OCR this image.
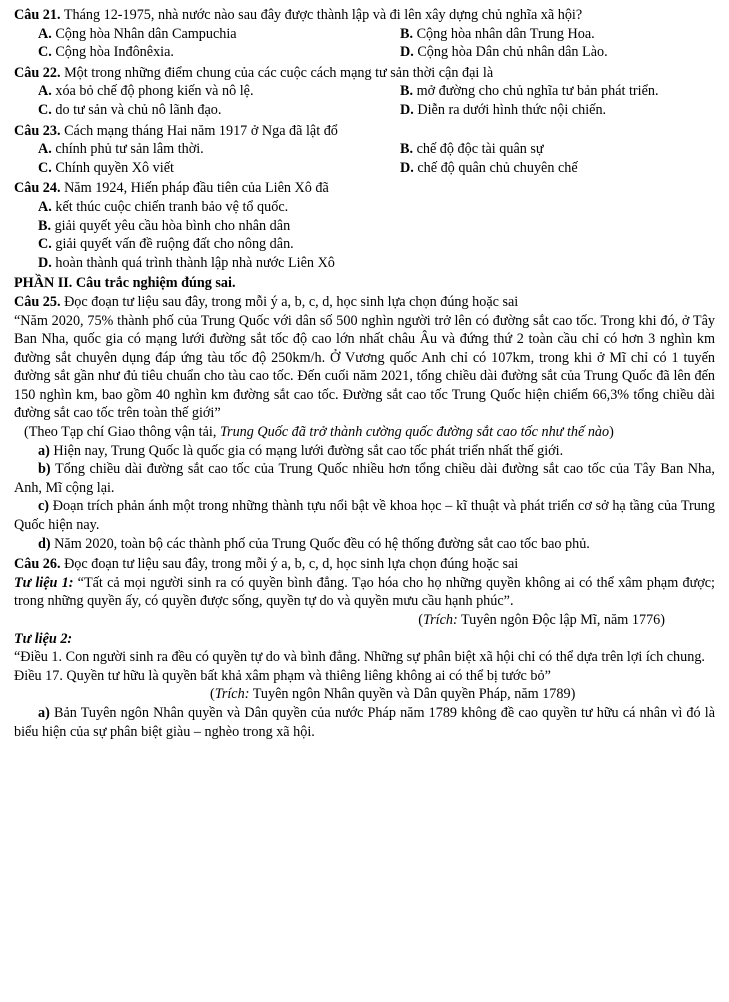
Câu 21. Tháng 12-1975, nhà nước nào sau đây được thành lập và đi lên xây dựng chủ nghĩa xã hội?

A. Cộng hòa Nhân dân Campuchia	B. Cộng hòa nhân dân Trung Hoa.
C. Cộng hòa Inđônêxia.	D. Cộng hòa Dân chủ nhân dân Lào.

Câu 22. Một trong những điểm chung của các cuộc cách mạng tư sản thời cận đại là

A. xóa bỏ chế độ phong kiến và nô lệ.	B. mở đường cho chủ nghĩa tư bản phát triển.
C. do tư sản và chủ nô lãnh đạo.	D. Diễn ra dưới hình thức nội chiến.

Câu 23. Cách mạng tháng Hai năm 1917 ở Nga đã lật đổ

A. chính phủ tư sản lâm thời.	B. chế độ độc tài quân sự
C. Chính quyền Xô viết	D. chế độ quân chủ chuyên chế

Câu 24. Năm 1924, Hiến pháp đầu tiên của Liên Xô đã

A. kết thúc cuộc chiến tranh bảo vệ tổ quốc.
B. giải quyết yêu cầu hòa bình cho nhân dân
C. giải quyết vấn đề ruộng đất cho nông dân.
D. hoàn thành quá trình thành lập nhà nước Liên Xô

PHẦN II. Câu trắc nghiệm đúng sai.

Câu 25. Đọc đoạn tư liệu sau đây, trong mỗi ý a, b, c, d, học sinh lựa chọn đúng hoặc sai

“Năm 2020, 75% thành phố của Trung Quốc với dân số 500 nghìn người trở lên có đường sắt cao tốc. Trong khi đó, ở Tây Ban Nha, quốc gia có mạng lưới đường sắt tốc độ cao lớn nhất châu Âu và đứng thứ 2 toàn cầu chỉ có hơn 3 nghìn km đường sắt chuyên dụng đáp ứng tàu tốc độ 250km/h. Ở Vương quốc Anh chỉ có 107km, trong khi ở Mĩ chỉ có 1 tuyến đường sắt gần như đủ tiêu chuẩn cho tàu cao tốc. Đến cuối năm 2021, tổng chiều dài đường sắt của Trung Quốc đã lên đến 150 nghìn km, bao gồm 40 nghìn km đường sắt cao tốc. Đường sắt cao tốc Trung Quốc hiện chiếm 66,3% tổng chiều dài đường sắt cao tốc trên toàn thế giới”

(Theo Tạp chí Giao thông vận tải, Trung Quốc đã trở thành cường quốc đường sắt cao tốc như thế nào)

a) Hiện nay, Trung Quốc là quốc gia có mạng lưới đường sắt cao tốc phát triển nhất thế giới.

b) Tổng chiều dài đường sắt cao tốc của Trung Quốc nhiều hơn tổng chiều dài đường sắt cao tốc của Tây Ban Nha, Anh, Mĩ cộng lại.

c) Đoạn trích phản ánh một trong những thành tựu nổi bật về khoa học – kĩ thuật và phát triển cơ sở hạ tầng của Trung Quốc hiện nay.

d) Năm 2020, toàn bộ các thành phố của Trung Quốc đều có hệ thống đường sắt cao tốc bao phủ.

Câu 26. Đọc đoạn tư liệu sau đây, trong mỗi ý a, b, c, d, học sinh lựa chọn đúng hoặc sai

Tư liệu 1: “Tất cả mọi người sinh ra có quyền bình đẳng. Tạo hóa cho họ những quyền không ai có thể xâm phạm được; trong những quyền ấy, có quyền được sống, quyền tự do và quyền mưu cầu hạnh phúc”.

(Trích: Tuyên ngôn Độc lập Mĩ, năm 1776)

Tư liệu 2:

“Điều 1. Con người sinh ra đều có quyền tự do và bình đẳng. Những sự phân biệt xã hội chỉ có thể dựa trên lợi ích chung.

Điều 17. Quyền tư hữu là quyền bất khả xâm phạm và thiêng liêng không ai có thể bị tước bỏ”

(Trích: Tuyên ngôn Nhân quyền và Dân quyền Pháp, năm 1789)

a) Bản Tuyên ngôn Nhân quyền và Dân quyền của nước Pháp năm 1789 không đề cao quyền tư hữu cá nhân vì đó là biểu hiện của sự phân biệt giàu – nghèo trong xã hội.
